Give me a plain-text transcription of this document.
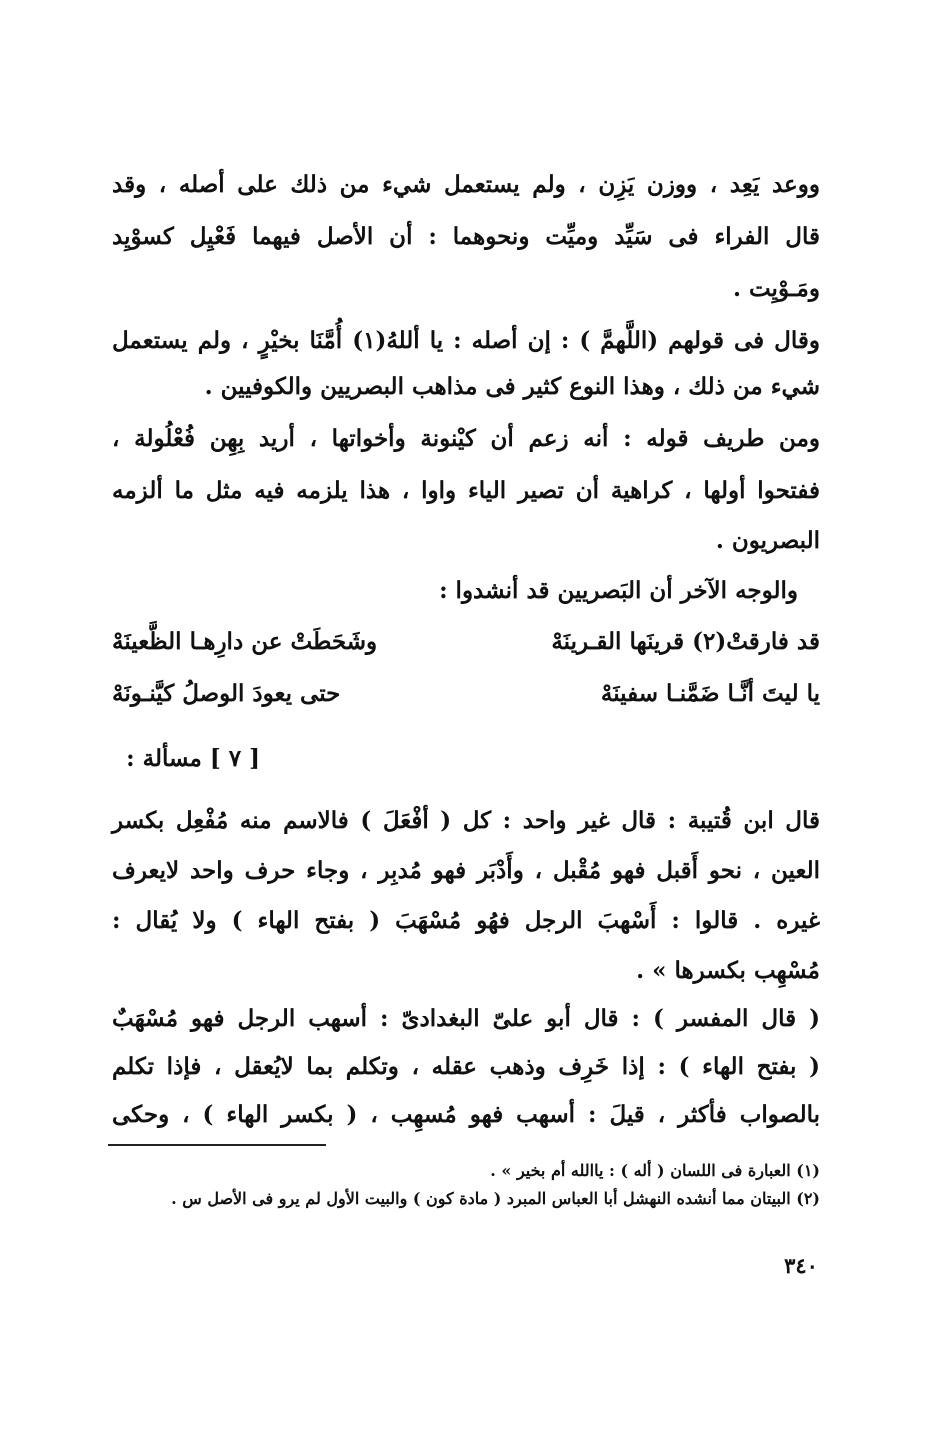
ووعد يَعِد ، ووزن يَزِن ، ولم يستعمل شيء من ذلك على أصله ، وقد
قال الفراء فى سَيِّد وميِّت ونحوهما : أن الأصل فيهما فَعْيِل كسوْيِد
ومَـوْيِت .
وقال فى قولهم (اللَّهمَّ ) : إن أصله : يا أللهُ(١) أُمَّنَا بخيْرٍ ، ولم يستعمل
شيء من ذلك ، وهذا النوع كثير فى مذاهب البصريين والكوفيين .
ومن طريف قوله : أنه زعم أن كيْنونة وأخواتها ، أريد بِهِن فُعْلُولة ،
ففتحوا أولها ، كراهية أن تصير الياء واوا ، هذا يلزمه فيه مثل ما ألزمه
البصريون .
والوجه الآخر أن البَصريين قد أنشدوا :
قد فارقتْ(٢) قرينَها القـرينَهْ
وشَحَطَتْ عن دارِهـا الظَّعينَهْ
يا ليتَ أنَّـا ضَمَّنـا سفينَهْ
حتى يعودَ الوصلُ كيَّنـونَهْ
[ ٧ ] مسألة :
قال ابن قُتيبة : قال غير واحد : كل ( أفْعَلَ ) فالاسم منه مُفْعِل بكسر
العين ، نحو أَقبل فهو مُقْبل ، وأَدْبَر فهو مُدبِر ، وجاء حرف واحد لايعرف
غيره . قالوا : أَسْهبَ الرجل فهُو مُسْهَبَ ( بفتح الهاء ) ولا يُقال :
مُسْهِب بكسرها » .
( قال المفسر ) : قال أبو علىّ البغدادىّ : أسهب الرجل فهو مُسْهَبٌ
( بفتح الهاء ) : إذا خَرِف وذهب عقله ، وتكلم بما لايُعقل ، فإذا تكلم
بالصواب فأكثر ، قيلَ : أسهب فهو مُسهِب ، ( بكسر الهاء ) ، وحكى
(١) العبارة فى اللسان ( أله ) : ياالله أم بخير » .
(٢) البيتان مما أنشده النهشل أبا العباس المبرد ( مادة كون ) والبيت الأول لم يرو فى الأصل س .
٣٤٠
